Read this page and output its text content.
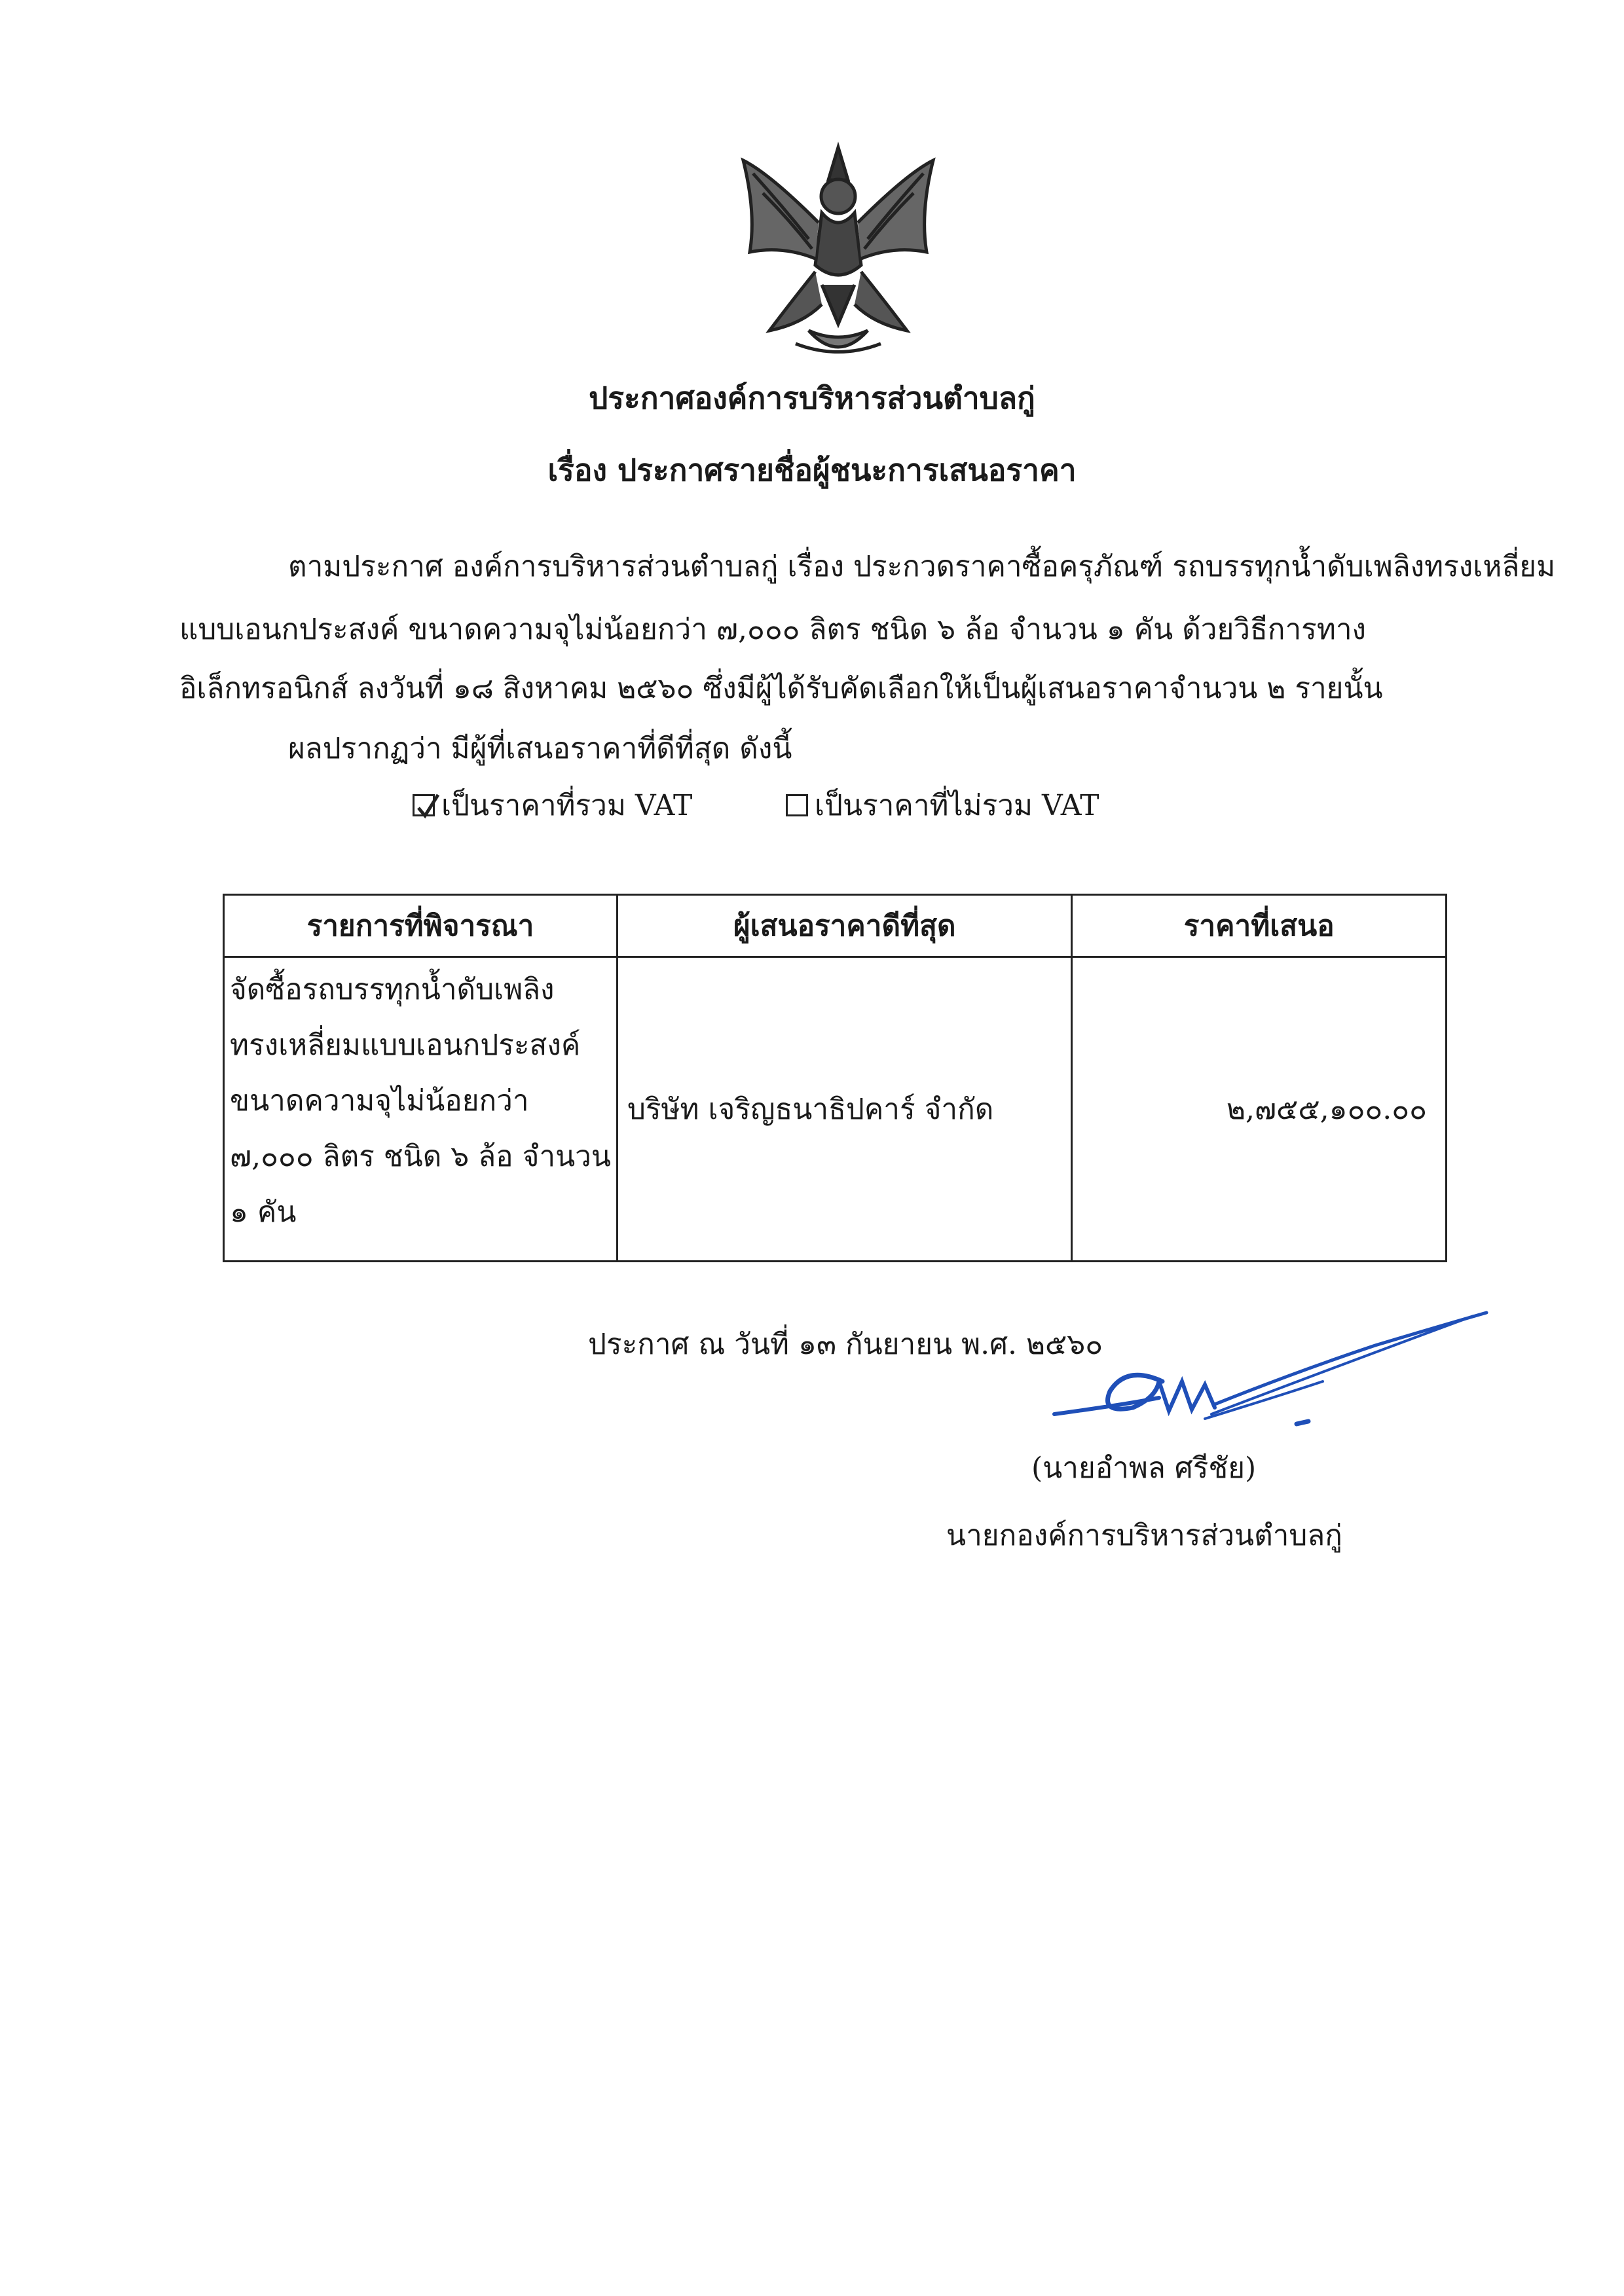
ประกาศองค์การบริหารส่วนตำบลกู่
เรื่อง ประกาศรายชื่อผู้ชนะการเสนอราคา
ตามประกาศ องค์การบริหารส่วนตำบลกู่ เรื่อง ประกวดราคาซื้อครุภัณฑ์ รถบรรทุกน้ำดับเพลิงทรงเหลี่ยม
แบบเอนกประสงค์ ขนาดความจุไม่น้อยกว่า ๗,๐๐๐ ลิตร ชนิด ๖ ล้อ จำนวน ๑ คัน ด้วยวิธีการทาง
อิเล็กทรอนิกส์ ลงวันที่ ๑๘ สิงหาคม ๒๕๖๐ ซึ่งมีผู้ได้รับคัดเลือกให้เป็นผู้เสนอราคาจำนวน ๒ รายนั้น
ผลปรากฏว่า มีผู้ที่เสนอราคาที่ดีที่สุด ดังนี้
เป็นราคาที่รวม VAT	เป็นราคาที่ไม่รวม VAT
รายการที่พิจารณา	ผู้เสนอราคาดีที่สุด	ราคาที่เสนอ

จัดซื้อรถบรรทุกน้ำดับเพลิง
ทรงเหลี่ยมแบบเอนกประสงค์
ขนาดความจุไม่น้อยกว่า
๗,๐๐๐ ลิตร ชนิด ๖ ล้อ จำนวน
๑ คัน	บริษัท เจริญธนาธิปคาร์ จำกัด	๒,๗๕๕,๑๐๐.๐๐
ประกาศ ณ วันที่ ๑๓ กันยายน พ.ศ. ๒๕๖๐
(นายอำพล ศรีชัย)
นายกองค์การบริหารส่วนตำบลกู่
